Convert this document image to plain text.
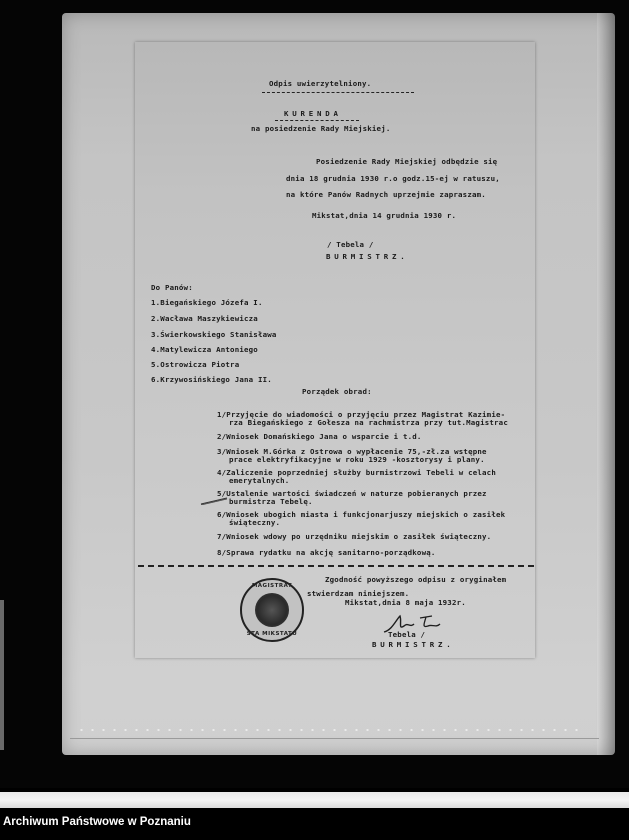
Odpis uwierzytelniony.
KURENDA
na posiedzenie Rady Miejskiej.
Posiedzenie Rady Miejskiej odbędzie się
dnia 18 grudnia 1930 r.o godz.15-ej w ratuszu,
na które Panów Radnych uprzejmie zapraszam.
Mikstat,dnia 14 grudnia 1930 r.
/ Tebela /
BURMISTRZ.
Do Panów:
1.Biegańskiego Józefa I.
2.Wacława Maszykiewicza
3.Świerkowskiego Stanisława
4.Matylewicza Antoniego
5.Ostrowicza Piotra
6.Krzywosińskiego Jana II.
Porządek obrad:
1/Przyjęcie do wiadomości o przyjęciu przez Magistrat Kazimie-
rza Biegańskiego z Gołesza na rachmistrza przy tut.Magistrac
2/Wniosek Domańskiego Jana o wsparcie i t.d.
3/Wniosek M.Górka z Ostrowa o wypłacenie 75,-zł.za wstępne
prace elektryfikacyjne w roku 1929 -kosztorysy i plany.
4/Zaliczenie poprzedniej służby burmistrzowi Tebeli w celach
emerytalnych.
5/Ustalenie wartości świadczeń w naturze pobieranych przez
burmistrza Tebelę.
6/Wniosek ubogich miasta i funkcjonarjuszy miejskich o zasiłek
świąteczny.
7/Wniosek wdowy po urzędniku miejskim o zasiłek świąteczny.
8/Sprawa rydatku na akcję sanitarno-porządkową.
Zgodność powyższego odpisu z oryginałem
stwierdzam niniejszem.
Mikstat,dnia 8 maja 1932r.
MAGISTRAT
STA MIKSTATU	Tebela /
BURMISTRZ.
Archiwum Państwowe w Poznaniu
